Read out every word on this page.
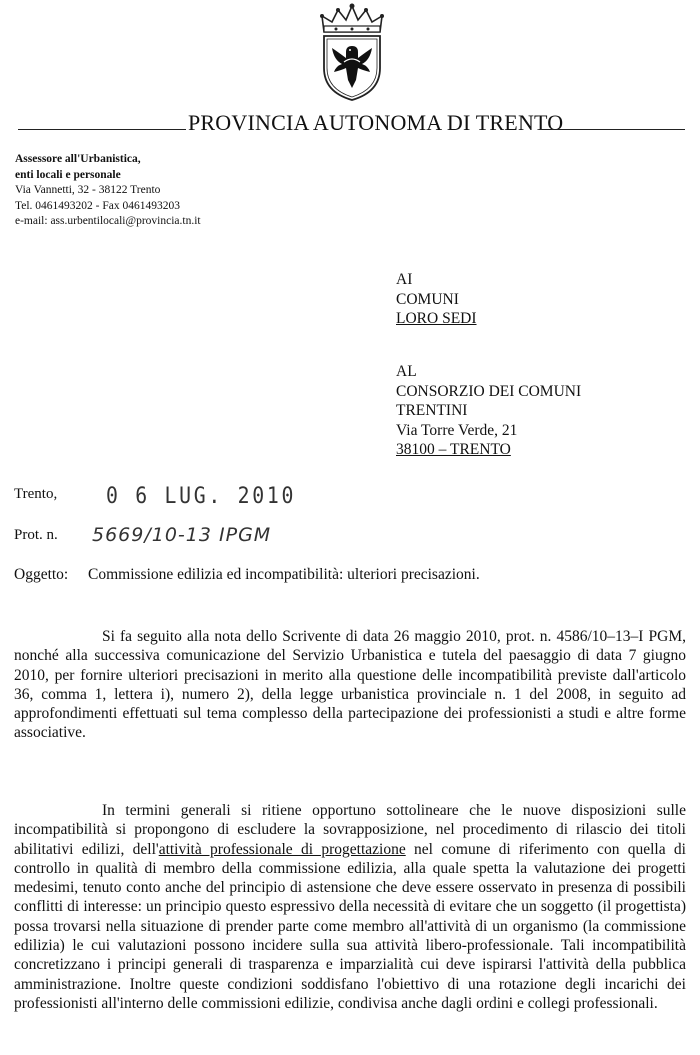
PROVINCIA AUTONOMA DI TRENTO
Assessore all'Urbanistica,
enti locali e personale
Via Vannetti, 32 - 38122 Trento
Tel. 0461493202 - Fax 0461493203
e-mail: ass.urbentilocali@provincia.tn.it
AI
COMUNI
LORO SEDI
AL
CONSORZIO DEI COMUNI
TRENTINI
Via Torre Verde, 21
38100 – TRENTO
Trento, 0 6 LUG. 2010
Prot. n. 5669/10-13 IPGM
Oggetto: Commissione edilizia ed incompatibilità: ulteriori precisazioni.

Si fa seguito alla nota dello Scrivente di data 26 maggio 2010, prot. n. 4586/10–13–I PGM, nonché alla successiva comunicazione del Servizio Urbanistica e tutela del paesaggio di data 7 giugno 2010, per fornire ulteriori precisazioni in merito alla questione delle incompatibilità previste dall'articolo 36, comma 1, lettera i), numero 2), della legge urbanistica provinciale n. 1 del 2008, in seguito ad approfondimenti effettuati sul tema complesso della partecipazione dei professionisti a studi e altre forme associative.

In termini generali si ritiene opportuno sottolineare che le nuove disposizioni sulle incompatibilità si propongono di escludere la sovrapposizione, nel procedimento di rilascio dei titoli abilitativi edilizi, dell'attività professionale di progettazione nel comune di riferimento con quella di controllo in qualità di membro della commissione edilizia, alla quale spetta la valutazione dei progetti medesimi, tenuto conto anche del principio di astensione che deve essere osservato in presenza di possibili conflitti di interesse: un principio questo espressivo della necessità di evitare che un soggetto (il progettista) possa trovarsi nella situazione di prender parte come membro all'attività di un organismo (la commissione edilizia) le cui valutazioni possono incidere sulla sua attività libero-professionale. Tali incompatibilità concretizzano i principi generali di trasparenza e imparzialità cui deve ispirarsi l'attività della pubblica amministrazione. Inoltre queste condizioni soddisfano l'obiettivo di una rotazione degli incarichi dei professionisti all'interno delle commissioni edilizie, condivisa anche dagli ordini e collegi professionali.
